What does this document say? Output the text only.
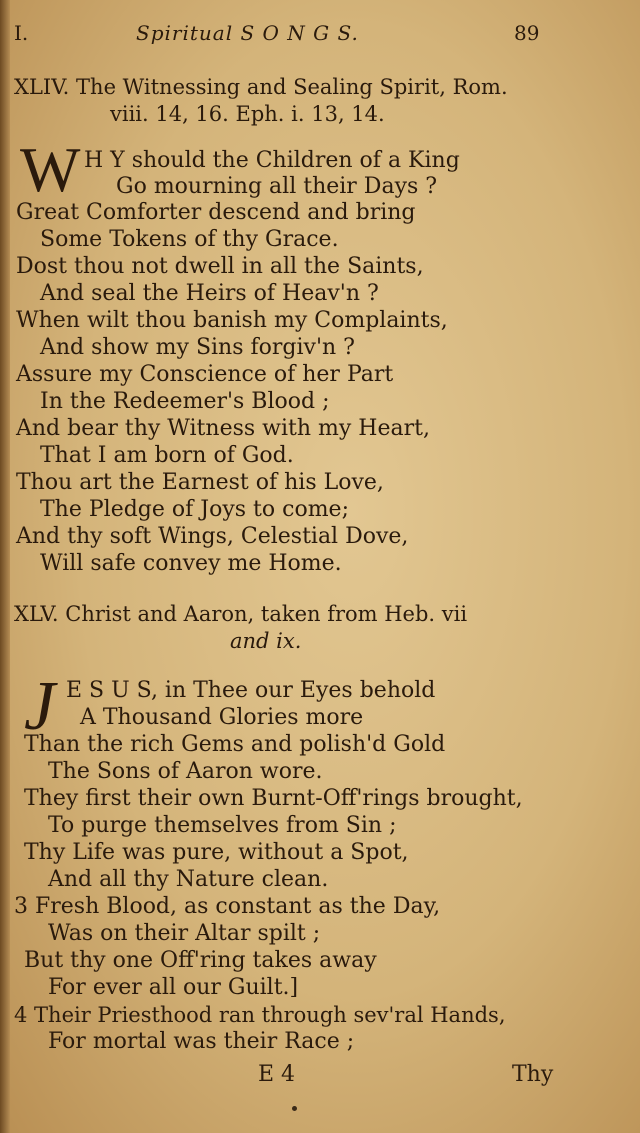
I.	Spiritual S O N G S.	89
XLIV. The Witnessing and Sealing Spirit, Rom.
viii. 14, 16. Eph. i. 13, 14.
W H Y should the Children of a King
Go mourning all their Days ?
Great Comforter descend and bring
Some Tokens of thy Grace.
Dost thou not dwell in all the Saints,
And seal the Heirs of Heav'n ?
When wilt thou banish my Complaints,
And show my Sins forgiv'n ?
Assure my Conscience of her Part
In the Redeemer's Blood ;
And bear thy Witness with my Heart,
That I am born of God.
Thou art the Earnest of his Love,
The Pledge of Joys to come;
And thy soft Wings, Celestial Dove,
Will safe convey me Home.
XLV. Christ and Aaron, taken from Heb. vii
and ix.
J E S U S, in Thee our Eyes behold
A Thousand Glories more
Than the rich Gems and polish'd Gold
The Sons of Aaron wore.
They first their own Burnt-Off'rings brought,
To purge themselves from Sin ;
Thy Life was pure, without a Spot,
And all thy Nature clean.
3 Fresh Blood, as constant as the Day,
Was on their Altar spilt ;
But thy one Off'ring takes away
For ever all our Guilt.]
4 Their Priesthood ran through sev'ral Hands,
For mortal was their Race ;
E 4	Thy
